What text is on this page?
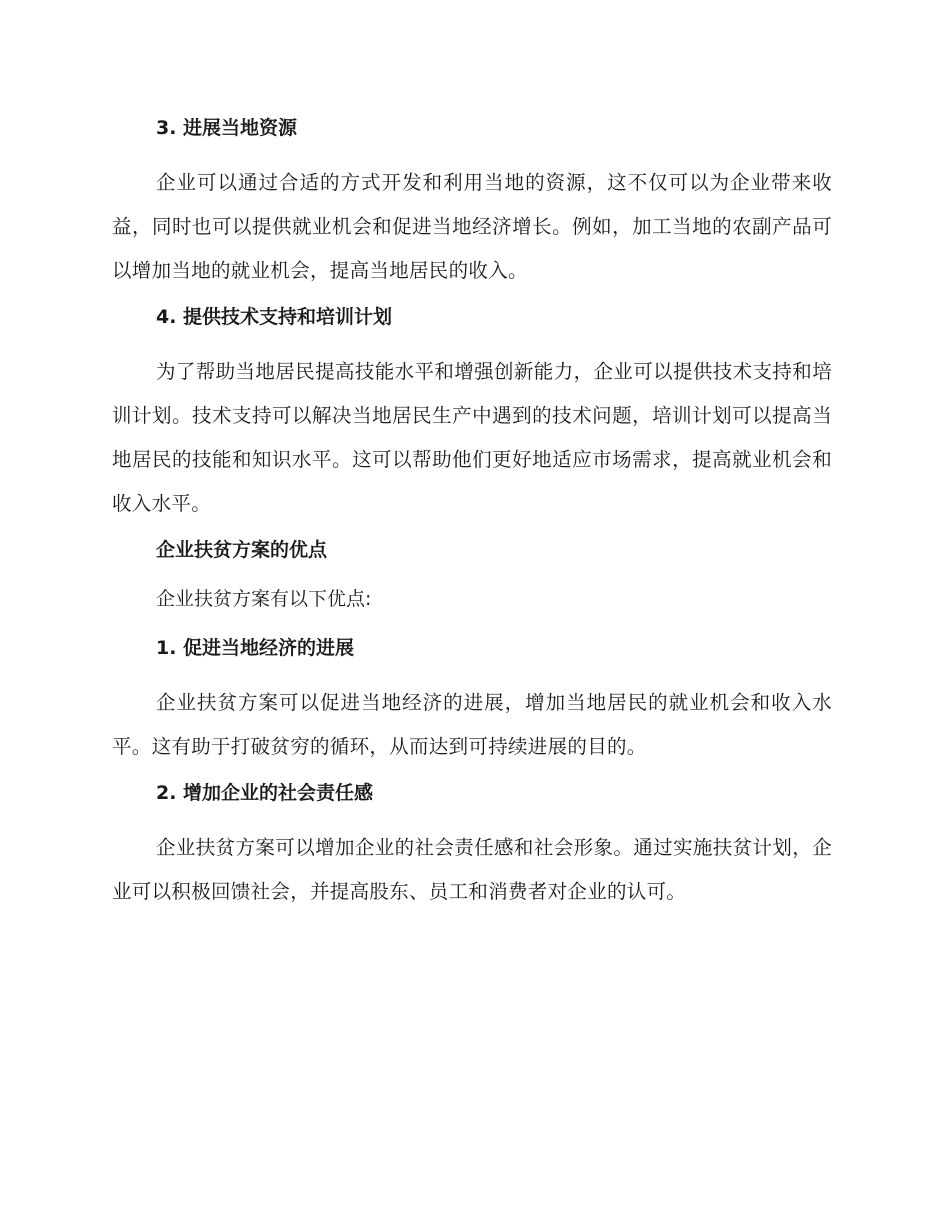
3. 进展当地资源

企业可以通过合适的方式开发和利用当地的资源，这不仅可以为企业带来收益，同时也可以提供就业机会和促进当地经济增长。例如，加工当地的农副产品可以增加当地的就业机会，提高当地居民的收入。

4. 提供技术支持和培训计划

为了帮助当地居民提高技能水平和增强创新能力，企业可以提供技术支持和培训计划。技术支持可以解决当地居民生产中遇到的技术问题，培训计划可以提高当地居民的技能和知识水平。这可以帮助他们更好地适应市场需求，提高就业机会和收入水平。

企业扶贫方案的优点
企业扶贫方案有以下优点:
1. 促进当地经济的进展

企业扶贫方案可以促进当地经济的进展，增加当地居民的就业机会和收入水平。这有助于打破贫穷的循环，从而达到可持续进展的目的。

2. 增加企业的社会责任感

企业扶贫方案可以增加企业的社会责任感和社会形象。通过实施扶贫计划，企业可以积极回馈社会，并提高股东、员工和消费者对企业的认可。
